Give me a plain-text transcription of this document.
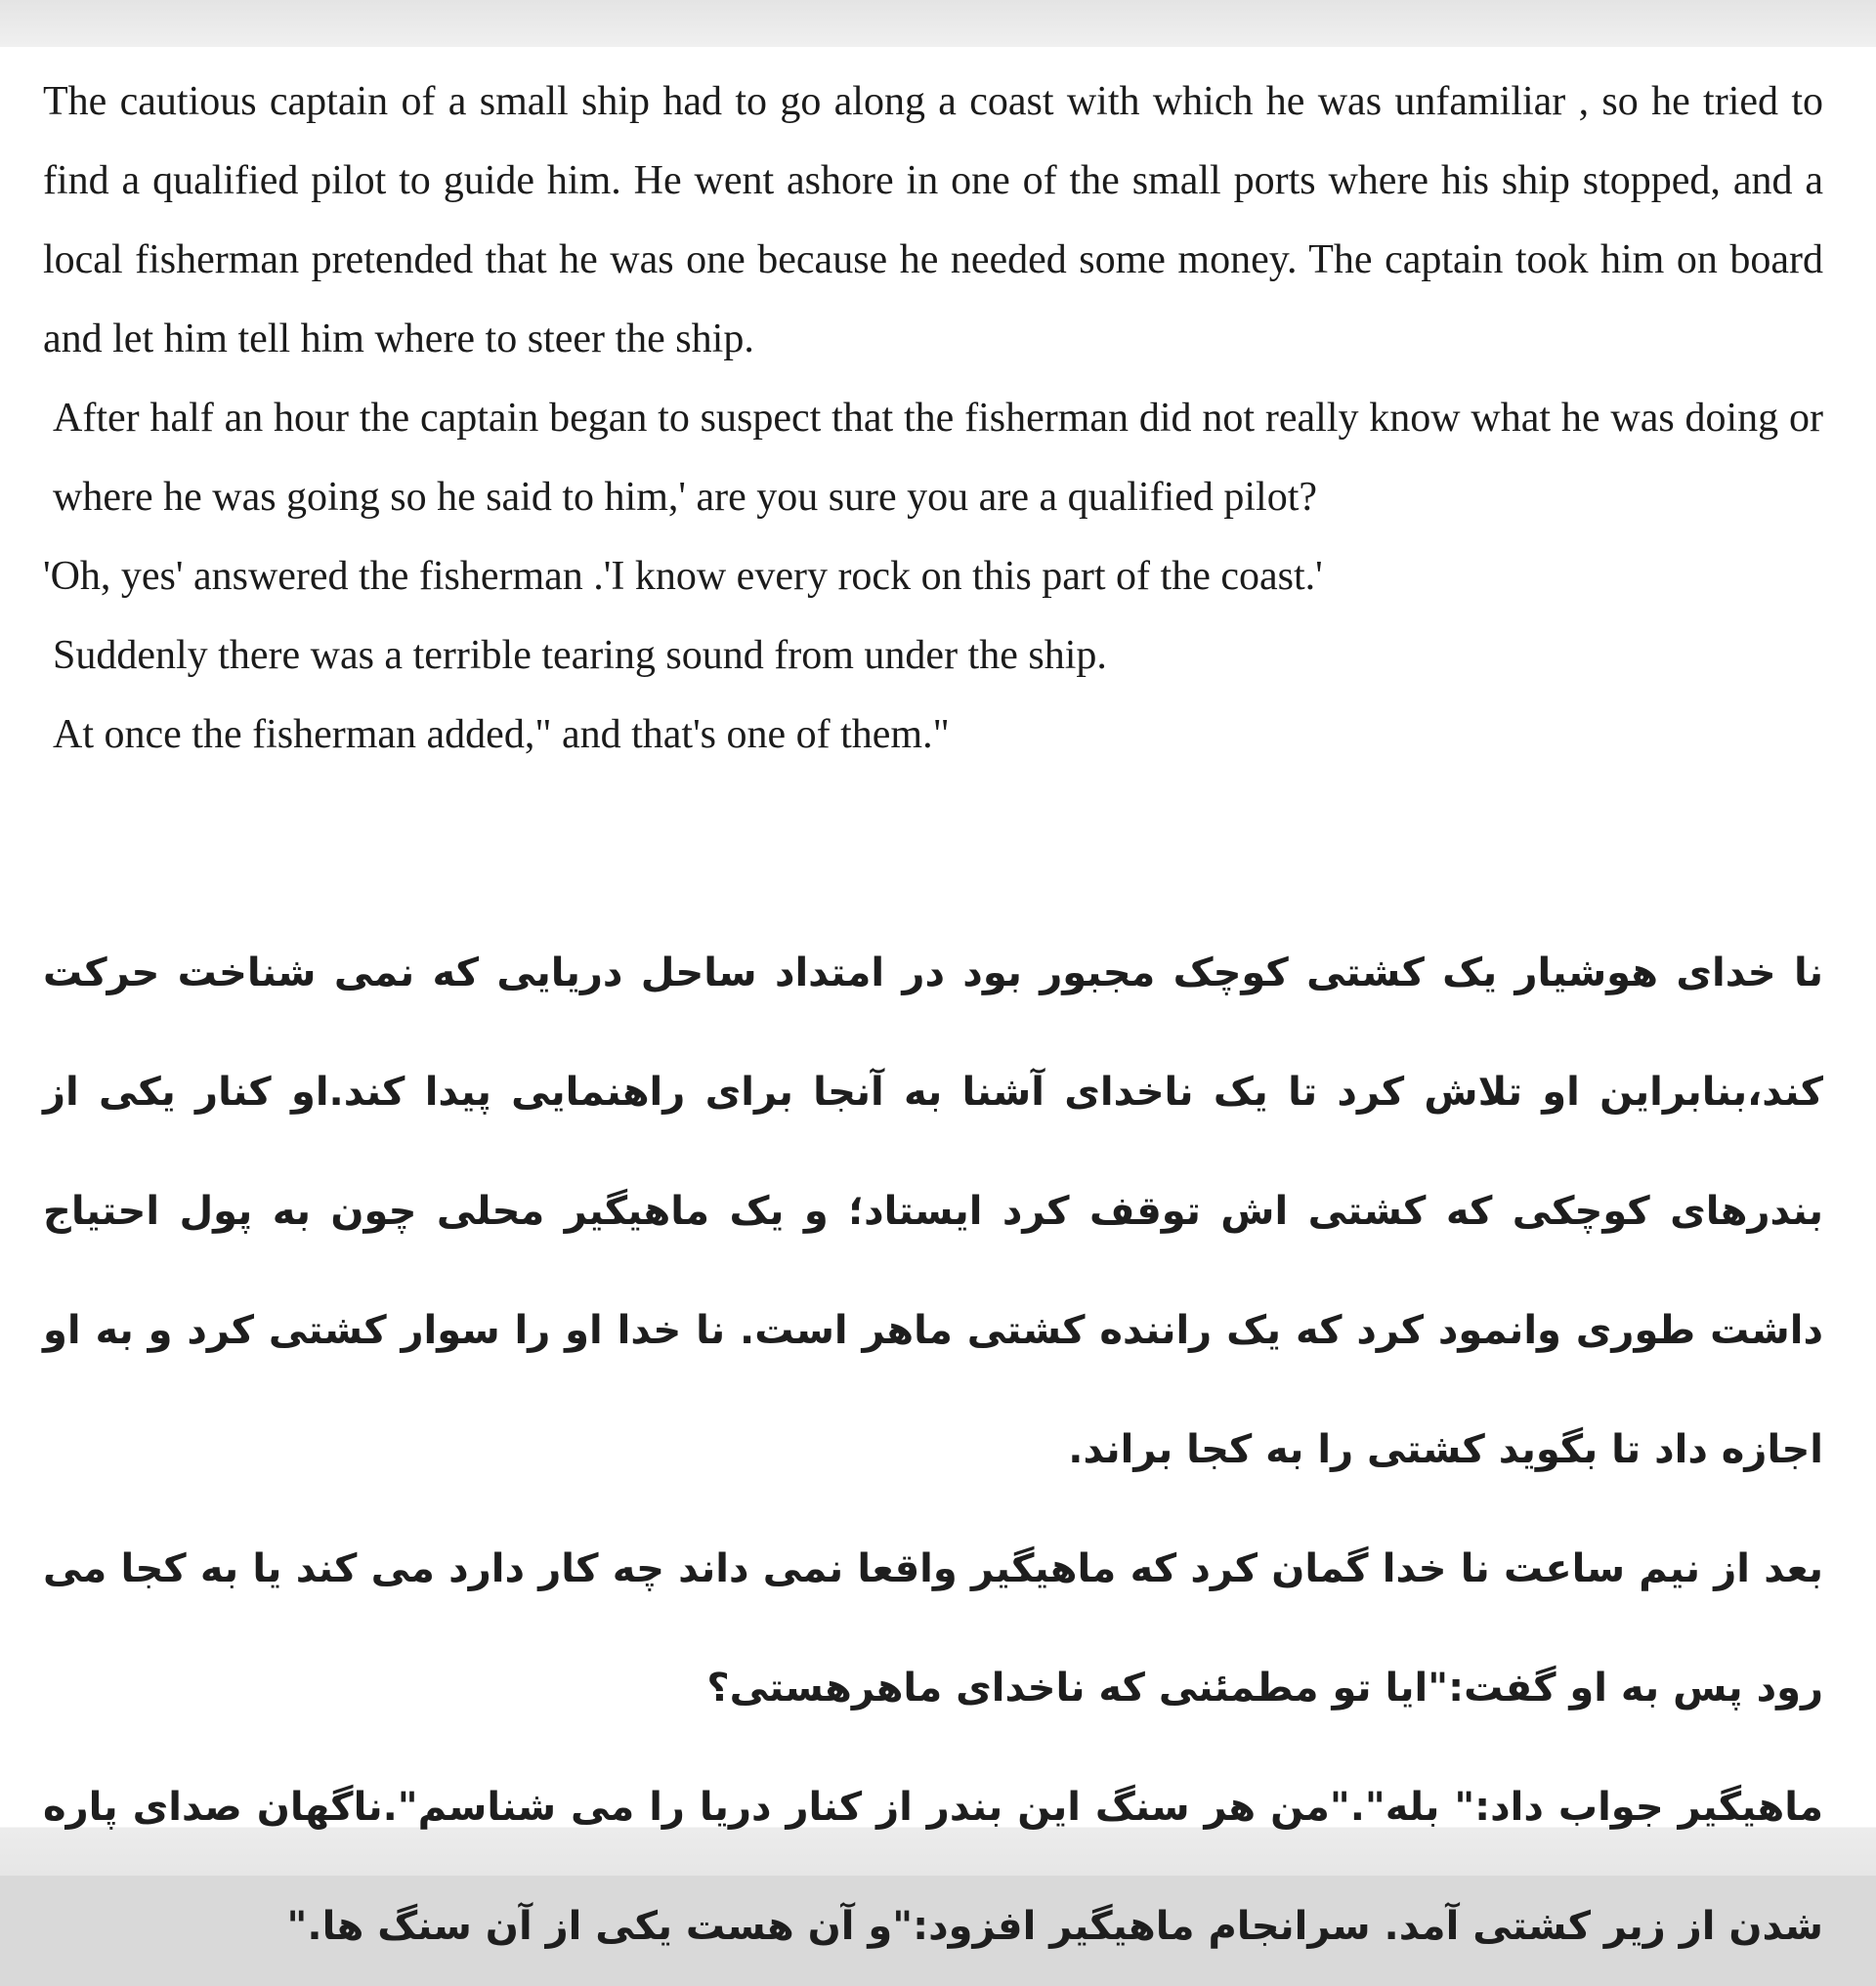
The cautious captain of a small ship had to go along a coast with which he was unfamiliar , so he tried to find a qualified pilot to guide him. He went ashore in one of the small ports where his ship stopped, and a local fisherman pretended that he was one because he needed some money. The captain took him on board and let him tell him where to steer the ship.

After half an hour the captain began to suspect that the fisherman did not really know what he was doing or where he was going so he said to him,' are you sure you are a qualified pilot?

'Oh, yes' answered the fisherman .'I know every rock on this part of the coast.'

Suddenly there was a terrible tearing sound from under the ship.

At once the fisherman added," and that's one of them."

نا خدای هوشیار یک کشتی کوچک مجبور بود در امتداد ساحل دریایی که نمی شناخت حرکت کند،بنابراین او تلاش کرد تا یک ناخدای آشنا به آنجا برای راهنمایی پیدا کند.او کنار یکی از بندرهای کوچکی که کشتی اش توقف کرد ایستاد؛ و یک ماهیگیر محلی چون به پول احتیاج داشت طوری وانمود کرد که یک راننده کشتی ماهر است. نا خدا او را سوار کشتی کرد و به او اجازه داد تا بگوید کشتی را به کجا براند.

بعد از نیم ساعت نا خدا گمان کرد که ماهیگیر واقعا نمی داند چه کار دارد می کند یا به کجا می رود پس به او گفت:"ایا تو مطمئنی که ناخدای ماهرهستی؟

ماهیگیر جواب داد:" بله"."من هر سنگ این بندر از کنار دریا را می شناسم".ناگهان صدای پاره شدن از زیر کشتی آمد. سرانجام ماهیگیر افزود:"و آن هست یکی از آن سنگ ها."
